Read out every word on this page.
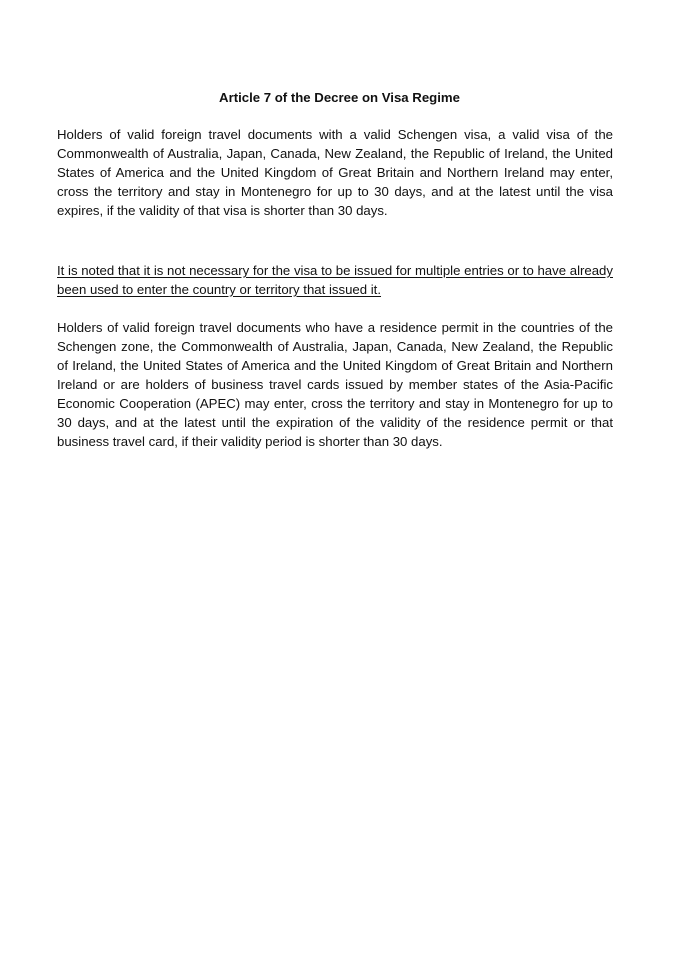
Article 7 of the Decree on Visa Regime

Holders of valid foreign travel documents with a valid Schengen visa, a valid visa of the Commonwealth of Australia, Japan, Canada, New Zealand, the Republic of Ireland, the United States of America and the United Kingdom of Great Britain and Northern Ireland may enter, cross the territory and stay in Montenegro for up to 30 days, and at the latest until the visa expires, if the validity of that visa is shorter than 30 days.

It is noted that it is not necessary for the visa to be issued for multiple entries or to have already been used to enter the country or territory that issued it.

Holders of valid foreign travel documents who have a residence permit in the countries of the Schengen zone, the Commonwealth of Australia, Japan, Canada, New Zealand, the Republic of Ireland, the United States of America and the United Kingdom of Great Britain and Northern Ireland or are holders of business travel cards issued by member states of the Asia-Pacific Economic Cooperation (APEC) may enter, cross the territory and stay in Montenegro for up to 30 days, and at the latest until the expiration of the validity of the residence permit or that business travel card, if their validity period is shorter than 30 days.
